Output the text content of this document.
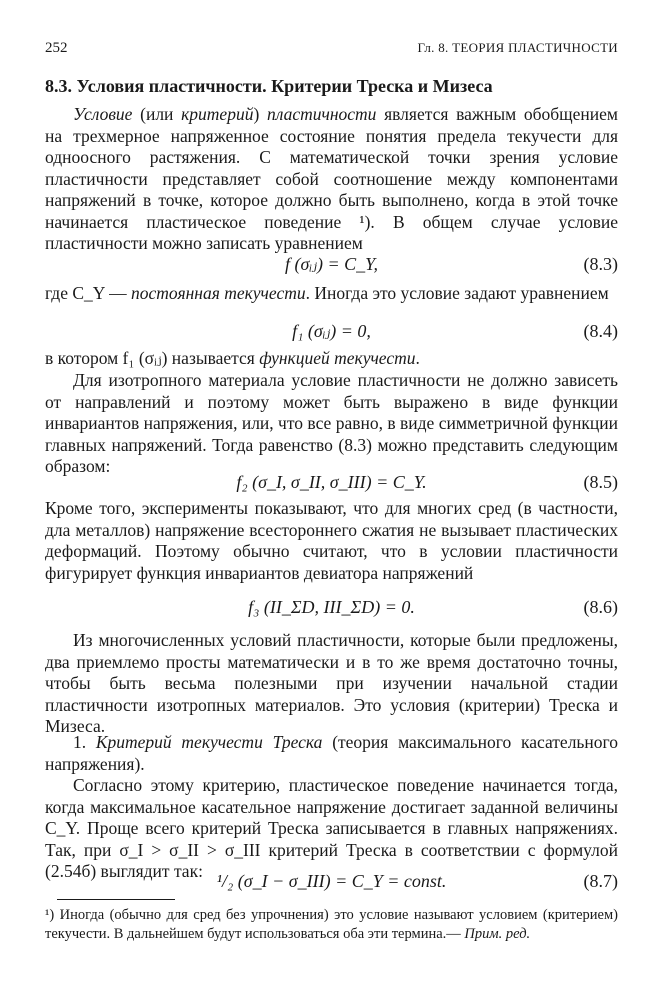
252	Гл. 8. ТЕОРИЯ ПЛАСТИЧНОСТИ
8.3. Условия пластичности. Критерии Треска и Мизеса
Условие (или критерий) пластичности является важным обобщением на трехмерное напряженное состояние понятия предела текучести для одноосного растяжения. С математической точки зрения условие пластичности представляет собой соотношение между компонентами напряжений в точке, которое должно быть выполнено, когда в этой точке начинается пластическое поведение ¹). В общем случае условие пластичности можно записать уравнением
f (σᵢⱼ) = C_Y,	(8.3)
где C_Y — постоянная текучести. Иногда это условие задают уравнением
f₁ (σᵢⱼ) = 0,	(8.4)
в котором f₁ (σᵢⱼ) называется функцией текучести.
Для изотропного материала условие пластичности не должно зависеть от направлений и поэтому может быть выражено в виде функции инвариантов напряжения, или, что все равно, в виде симметричной функции главных напряжений. Тогда равенство (8.3) можно представить следующим образом:
f₂ (σ_I, σ_II, σ_III) = C_Y.	(8.5)
Кроме того, эксперименты показывают, что для многих сред (в частности, дла металлов) напряжение всестороннего сжатия не вызывает пластических деформаций. Поэтому обычно считают, что в условии пластичности фигурирует функция инвариантов девиатора напряжений
f₃ (II_ΣD, III_ΣD) = 0.	(8.6)
Из многочисленных условий пластичности, которые были предложены, два приемлемо просты математически и в то же время достаточно точны, чтобы быть весьма полезными при изучении начальной стадии пластичности изотропных материалов. Это условия (критерии) Треска и Мизеса.
1. Критерий текучести Треска (теория максимального касательного напряжения).
Согласно этому критерию, пластическое поведение начинается тогда, когда максимальное касательное напряжение достигает заданной величины C_Y. Проще всего критерий Треска записывается в главных напряжениях. Так, при σ_I > σ_II > σ_III критерий Треска в соответствии с формулой (2.54б) выглядит так: ¹/₂ (σ_I − σ_III) = C_Y = const.	(8.7)
¹) Иногда (обычно для сред без упрочнения) это условие называют условием (критерием) текучести. В дальнейшем будут использоваться оба эти термина.— Прим. ред.
